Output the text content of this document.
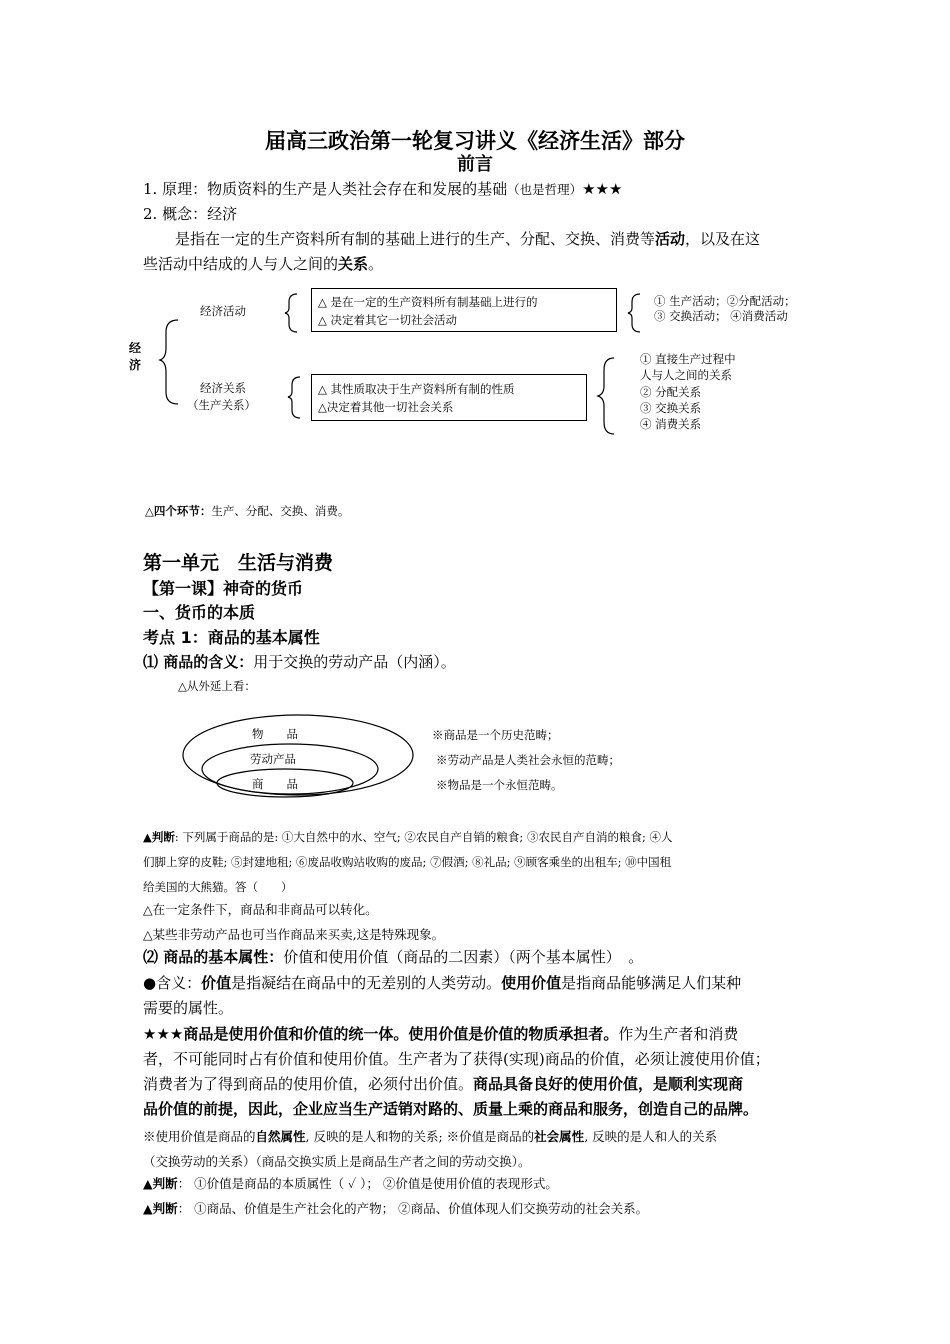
届高三政治第一轮复习讲义《经济生活》部分
前言
1. 原理：物质资料的生产是人类社会存在和发展的基础（也是哲理）★★★
2. 概念：经济
是指在一定的生产资料所有制的基础上进行的生产、分配、交换、消费等活动，以及在这
些活动中结成的人与人之间的关系。
经济
经济活动
△ 是在一定的生产资料所有制基础上进行的
△ 决定着其它一切社会活动
① 生产活动；②分配活动；
③ 交换活动； ④消费活动
经济关系
（生产关系）
△ 其性质取决于生产资料所有制的性质
△决定着其他一切社会关系
① 直接生产过程中
人与人之间的关系
② 分配关系
③ 交换关系
④ 消费关系
△四个环节：生产、分配、交换、消费。
第一单元　生活与消费
【第一课】神奇的货币
一、货币的本质
考点 1：商品的基本属性
⑴ 商品的含义：用于交换的劳动产品（内涵）。
△从外延上看：
物　　品
劳动产品
商　　品
※商品是一个历史范畴；
※劳动产品是人类社会永恒的范畴；
※物品是一个永恒范畴。
▲判断: 下列属于商品的是: ①大自然中的水、空气; ②农民自产自销的粮食; ③农民自产自消的粮食; ④人
们脚上穿的皮鞋; ⑤封建地租; ⑥废品收购站收购的废品; ⑦假酒; ⑧礼品; ⑨顾客乘坐的出租车; ⑩中国租
给美国的大熊猫。答（　　）
△在一定条件下，商品和非商品可以转化。
△某些非劳动产品也可当作商品来买卖,这是特殊现象。
⑵ 商品的基本属性：价值和使用价值（商品的二因素）（两个基本属性）　。
●含义：价值是指凝结在商品中的无差别的人类劳动。使用价值是指商品能够满足人们某种
需要的属性。
★★★商品是使用价值和价值的统一体。使用价值是价值的物质承担者。作为生产者和消费
者，不可能同时占有价值和使用价值。生产者为了获得(实现)商品的价值，必须让渡使用价值；
消费者为了得到商品的使用价值，必须付出价值。商品具备良好的使用价值，是顺利实现商
品价值的前提，因此，企业应当生产适销对路的、质量上乘的商品和服务，创造自己的品牌。
※使用价值是商品的自然属性, 反映的是人和物的关系; ※价值是商品的社会属性, 反映的是人和人的关系
（交换劳动的关系）（商品交换实质上是商品生产者之间的劳动交换）。
▲判断： ①价值是商品的本质属性（ ✓ ）； ②价值是使用价值的表现形式。
▲判断： ①商品、价值是生产社会化的产物； ②商品、价值体现人们交换劳动的社会关系。
